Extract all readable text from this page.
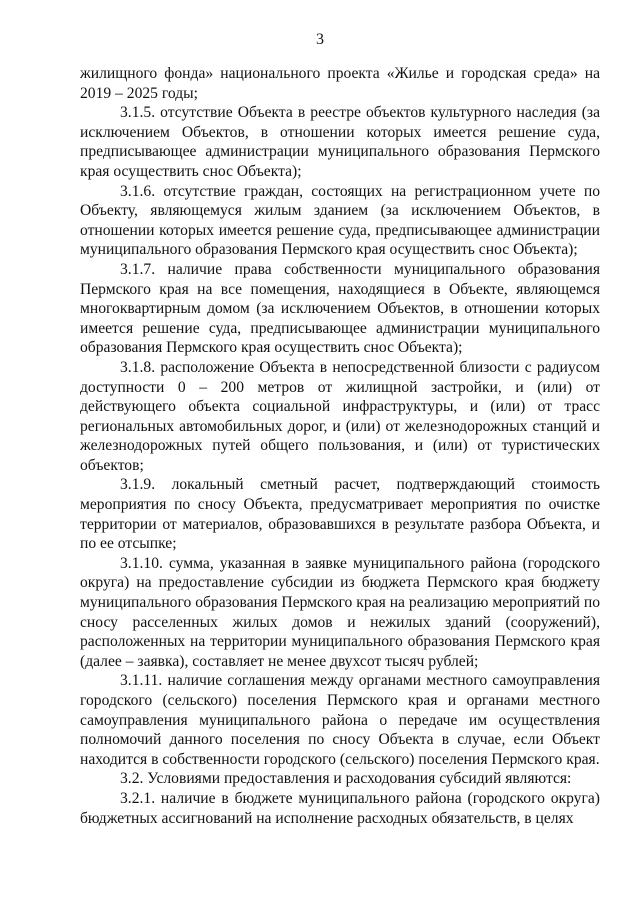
3

жилищного фонда» национального проекта «Жилье и городская среда» на 2019 – 2025 годы;

3.1.5. отсутствие Объекта в реестре объектов культурного наследия (за исключением Объектов, в отношении которых имеется решение суда, предписывающее администрации муниципального образования Пермского края осуществить снос Объекта);

3.1.6. отсутствие граждан, состоящих на регистрационном учете по Объекту, являющемуся жилым зданием (за исключением Объектов, в отношении которых имеется решение суда, предписывающее администрации муниципального образования Пермского края осуществить снос Объекта);

3.1.7. наличие права собственности муниципального образования Пермского края на все помещения, находящиеся в Объекте, являющемся многоквартирным домом (за исключением Объектов, в отношении которых имеется решение суда, предписывающее администрации муниципального образования Пермского края осуществить снос Объекта);

3.1.8. расположение Объекта в непосредственной близости с радиусом доступности 0 – 200 метров от жилищной застройки, и (или) от действующего объекта социальной инфраструктуры, и (или) от трасс региональных автомобильных дорог, и (или) от железнодорожных станций и железнодорожных путей общего пользования, и (или) от туристических объектов;

3.1.9. локальный сметный расчет, подтверждающий стоимость мероприятия по сносу Объекта, предусматривает мероприятия по очистке территории от материалов, образовавшихся в результате разбора Объекта, и по ее отсыпке;

3.1.10. сумма, указанная в заявке муниципального района (городского округа) на предоставление субсидии из бюджета Пермского края бюджету муниципального образования Пермского края на реализацию мероприятий по сносу расселенных жилых домов и нежилых зданий (сооружений), расположенных на территории муниципального образования Пермского края (далее – заявка), составляет не менее двухсот тысяч рублей;

3.1.11. наличие соглашения между органами местного самоуправления городского (сельского) поселения Пермского края и органами местного самоуправления муниципального района о передаче им осуществления полномочий данного поселения по сносу Объекта в случае, если Объект находится в собственности городского (сельского) поселения Пермского края.

3.2. Условиями предоставления и расходования субсидий являются:

3.2.1. наличие в бюджете муниципального района (городского округа) бюджетных ассигнований на исполнение расходных обязательств, в целях
